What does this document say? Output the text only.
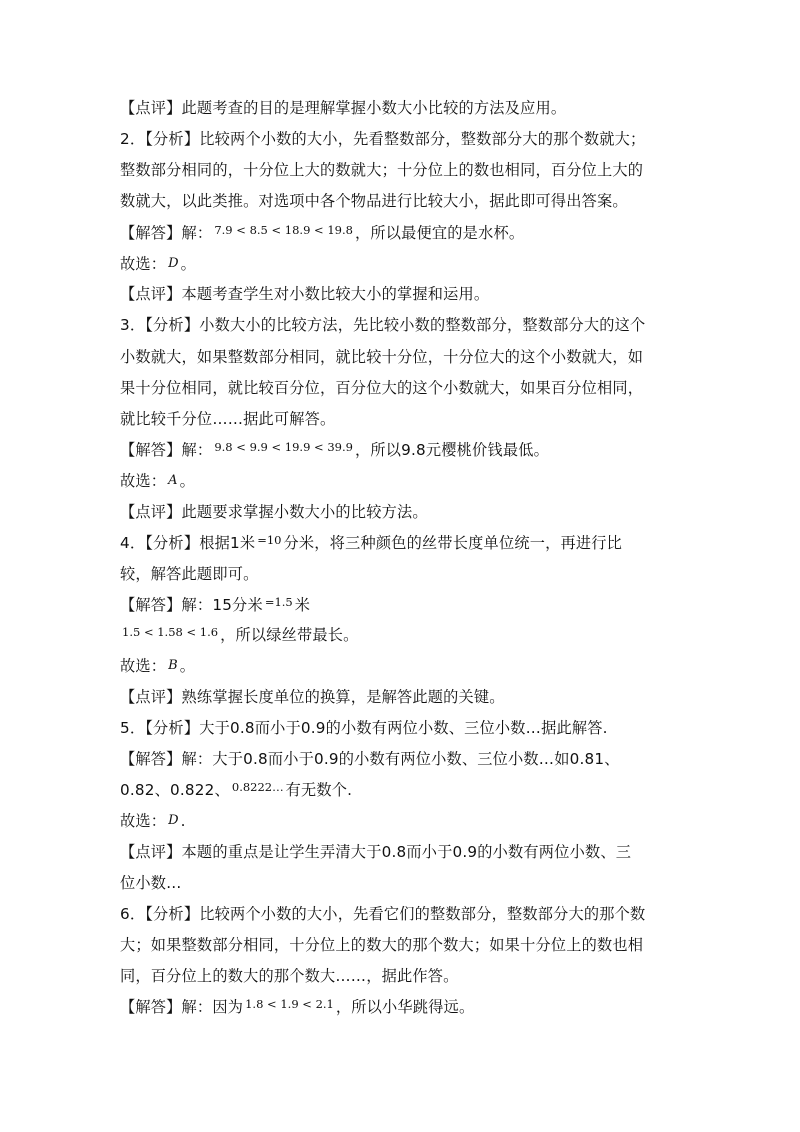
【点评】此题考查的目的是理解掌握小数大小比较的方法及应用。
2．【分析】比较两个小数的大小，先看整数部分，整数部分大的那个数就大；
整数部分相同的，十分位上大的数就大；十分位上的数也相同，百分位上大的
数就大，以此类推。对选项中各个物品进行比较大小，据此即可得出答案。
【解答】解： $^{7.9 < 8.5 < 18.9 < 19.8}$ ，所以最便宜的是水杯。
故选： D 。
【点评】本题考查学生对小数比较大小的掌握和运用。
3．【分析】小数大小的比较方法，先比较小数的整数部分，整数部分大的这个
小数就大，如果整数部分相同，就比较十分位，十分位大的这个小数就大，如
果十分位相同，就比较百分位，百分位大的这个小数就大，如果百分位相同，
就比较千分位……据此可解答。
【解答】解： $^{9.8 < 9.9 < 19.9 < 39.9}$ ，所以9.8元樱桃价钱最低。
故选： A 。
【点评】此题要求掌握小数大小的比较方法。
4．【分析】根据1米 $^{=10}$ 分米，将三种颜色的丝带长度单位统一，再进行比
较，解答此题即可。
【解答】解：15分米 $^{=1.5}$ 米
$^{1.5 < 1.58 < 1.6}$ ，所以绿丝带最长。
故选： B 。
【点评】熟练掌握长度单位的换算，是解答此题的关键。
5．【分析】大于0.8而小于0.9的小数有两位小数、三位小数…据此解答.
【解答】解：大于0.8而小于0.9的小数有两位小数、三位小数…如0.81、
0.82、0.822、 $^{0.8222\dots}$ 有无数个.
故选： D .
【点评】本题的重点是让学生弄清大于0.8而小于0.9的小数有两位小数、三
位小数…
6．【分析】比较两个小数的大小，先看它们的整数部分，整数部分大的那个数
大；如果整数部分相同，十分位上的数大的那个数大；如果十分位上的数也相
同，百分位上的数大的那个数大……，据此作答。
【解答】解：因为 $^{1.8 < 1.9 < 2.1}$ ，所以小华跳得远。
